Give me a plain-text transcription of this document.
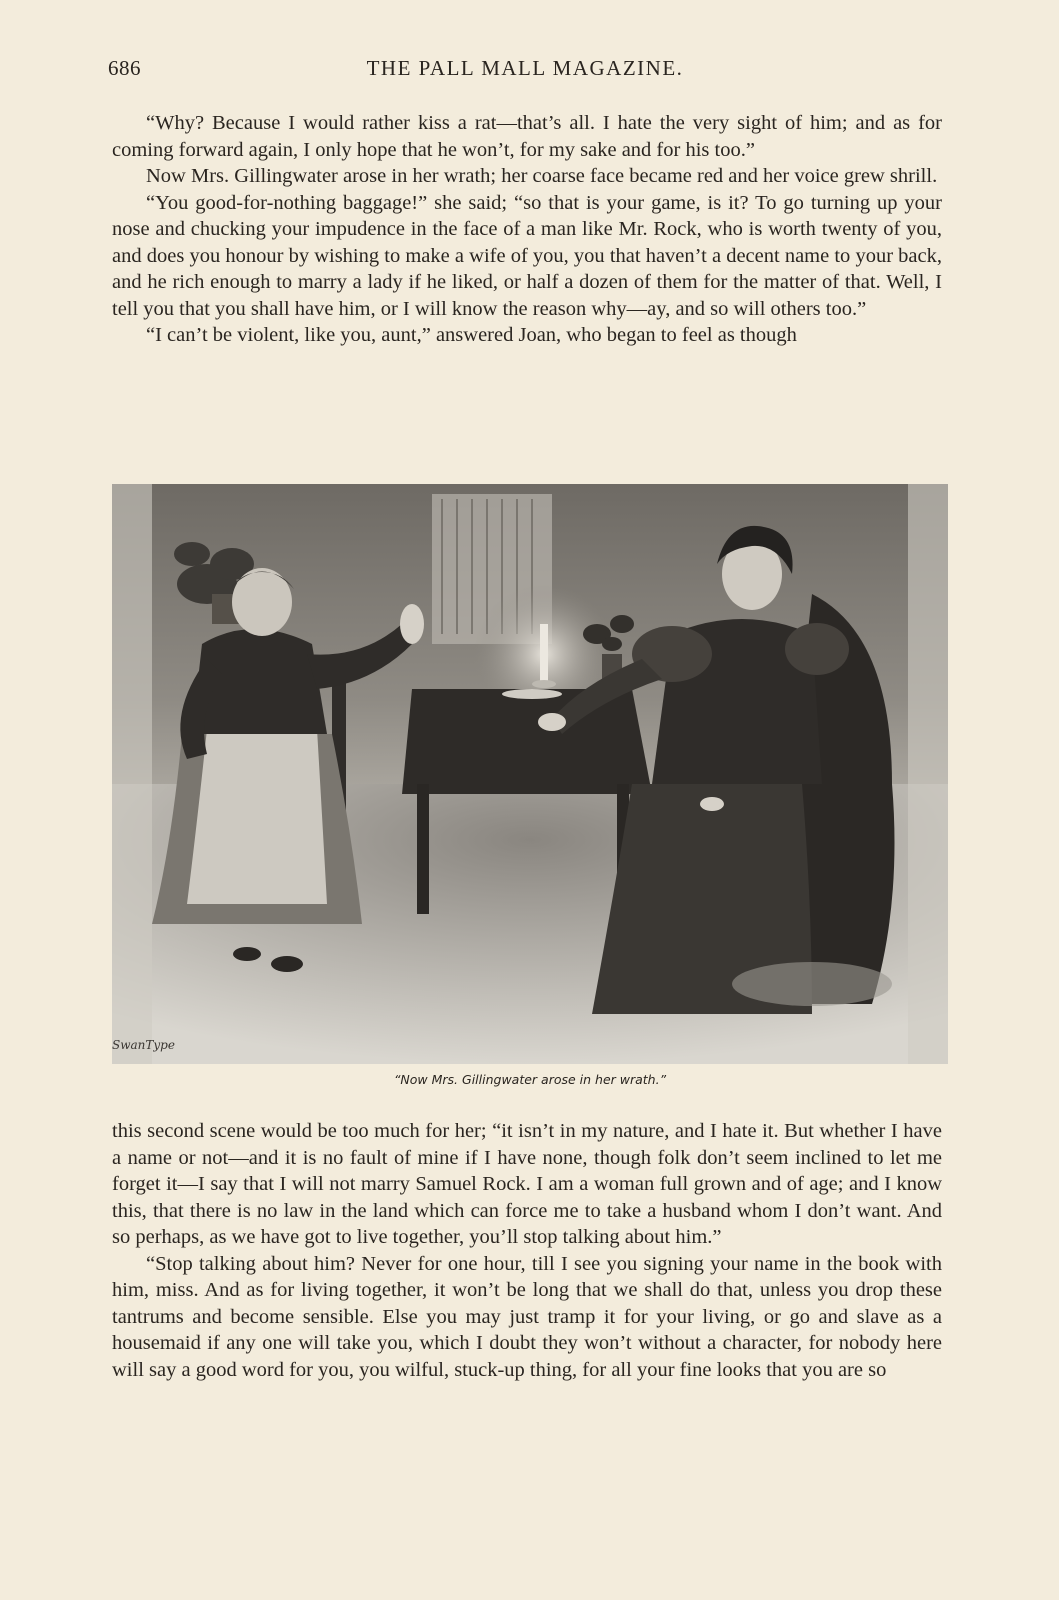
686	THE PALL MALL MAGAZINE.

“Why? Because I would rather kiss a rat—that’s all. I hate the very sight of him; and as for coming forward again, I only hope that he won’t, for my sake and for his too.”

Now Mrs. Gillingwater arose in her wrath; her coarse face became red and her voice grew shrill.

“You good-for-nothing baggage!” she said; “so that is your game, is it? To go turning up your nose and chucking your impudence in the face of a man like Mr. Rock, who is worth twenty of you, and does you honour by wishing to make a wife of you, you that haven’t a decent name to your back, and he rich enough to marry a lady if he liked, or half a dozen of them for the matter of that. Well, I tell you that you shall have him, or I will know the reason why—ay, and so will others too.”

“I can’t be violent, like you, aunt,” answered Joan, who began to feel as though

SwanType
“Now Mrs. Gillingwater arose in her wrath.”

this second scene would be too much for her; “it isn’t in my nature, and I hate it. But whether I have a name or not—and it is no fault of mine if I have none, though folk don’t seem inclined to let me forget it—I say that I will not marry Samuel Rock. I am a woman full grown and of age; and I know this, that there is no law in the land which can force me to take a husband whom I don’t want. And so perhaps, as we have got to live together, you’ll stop talking about him.”

“Stop talking about him? Never for one hour, till I see you signing your name in the book with him, miss. And as for living together, it won’t be long that we shall do that, unless you drop these tantrums and become sensible. Else you may just tramp it for your living, or go and slave as a housemaid if any one will take you, which I doubt they won’t without a character, for nobody here will say a good word for you, you wilful, stuck-up thing, for all your fine looks that you are so
